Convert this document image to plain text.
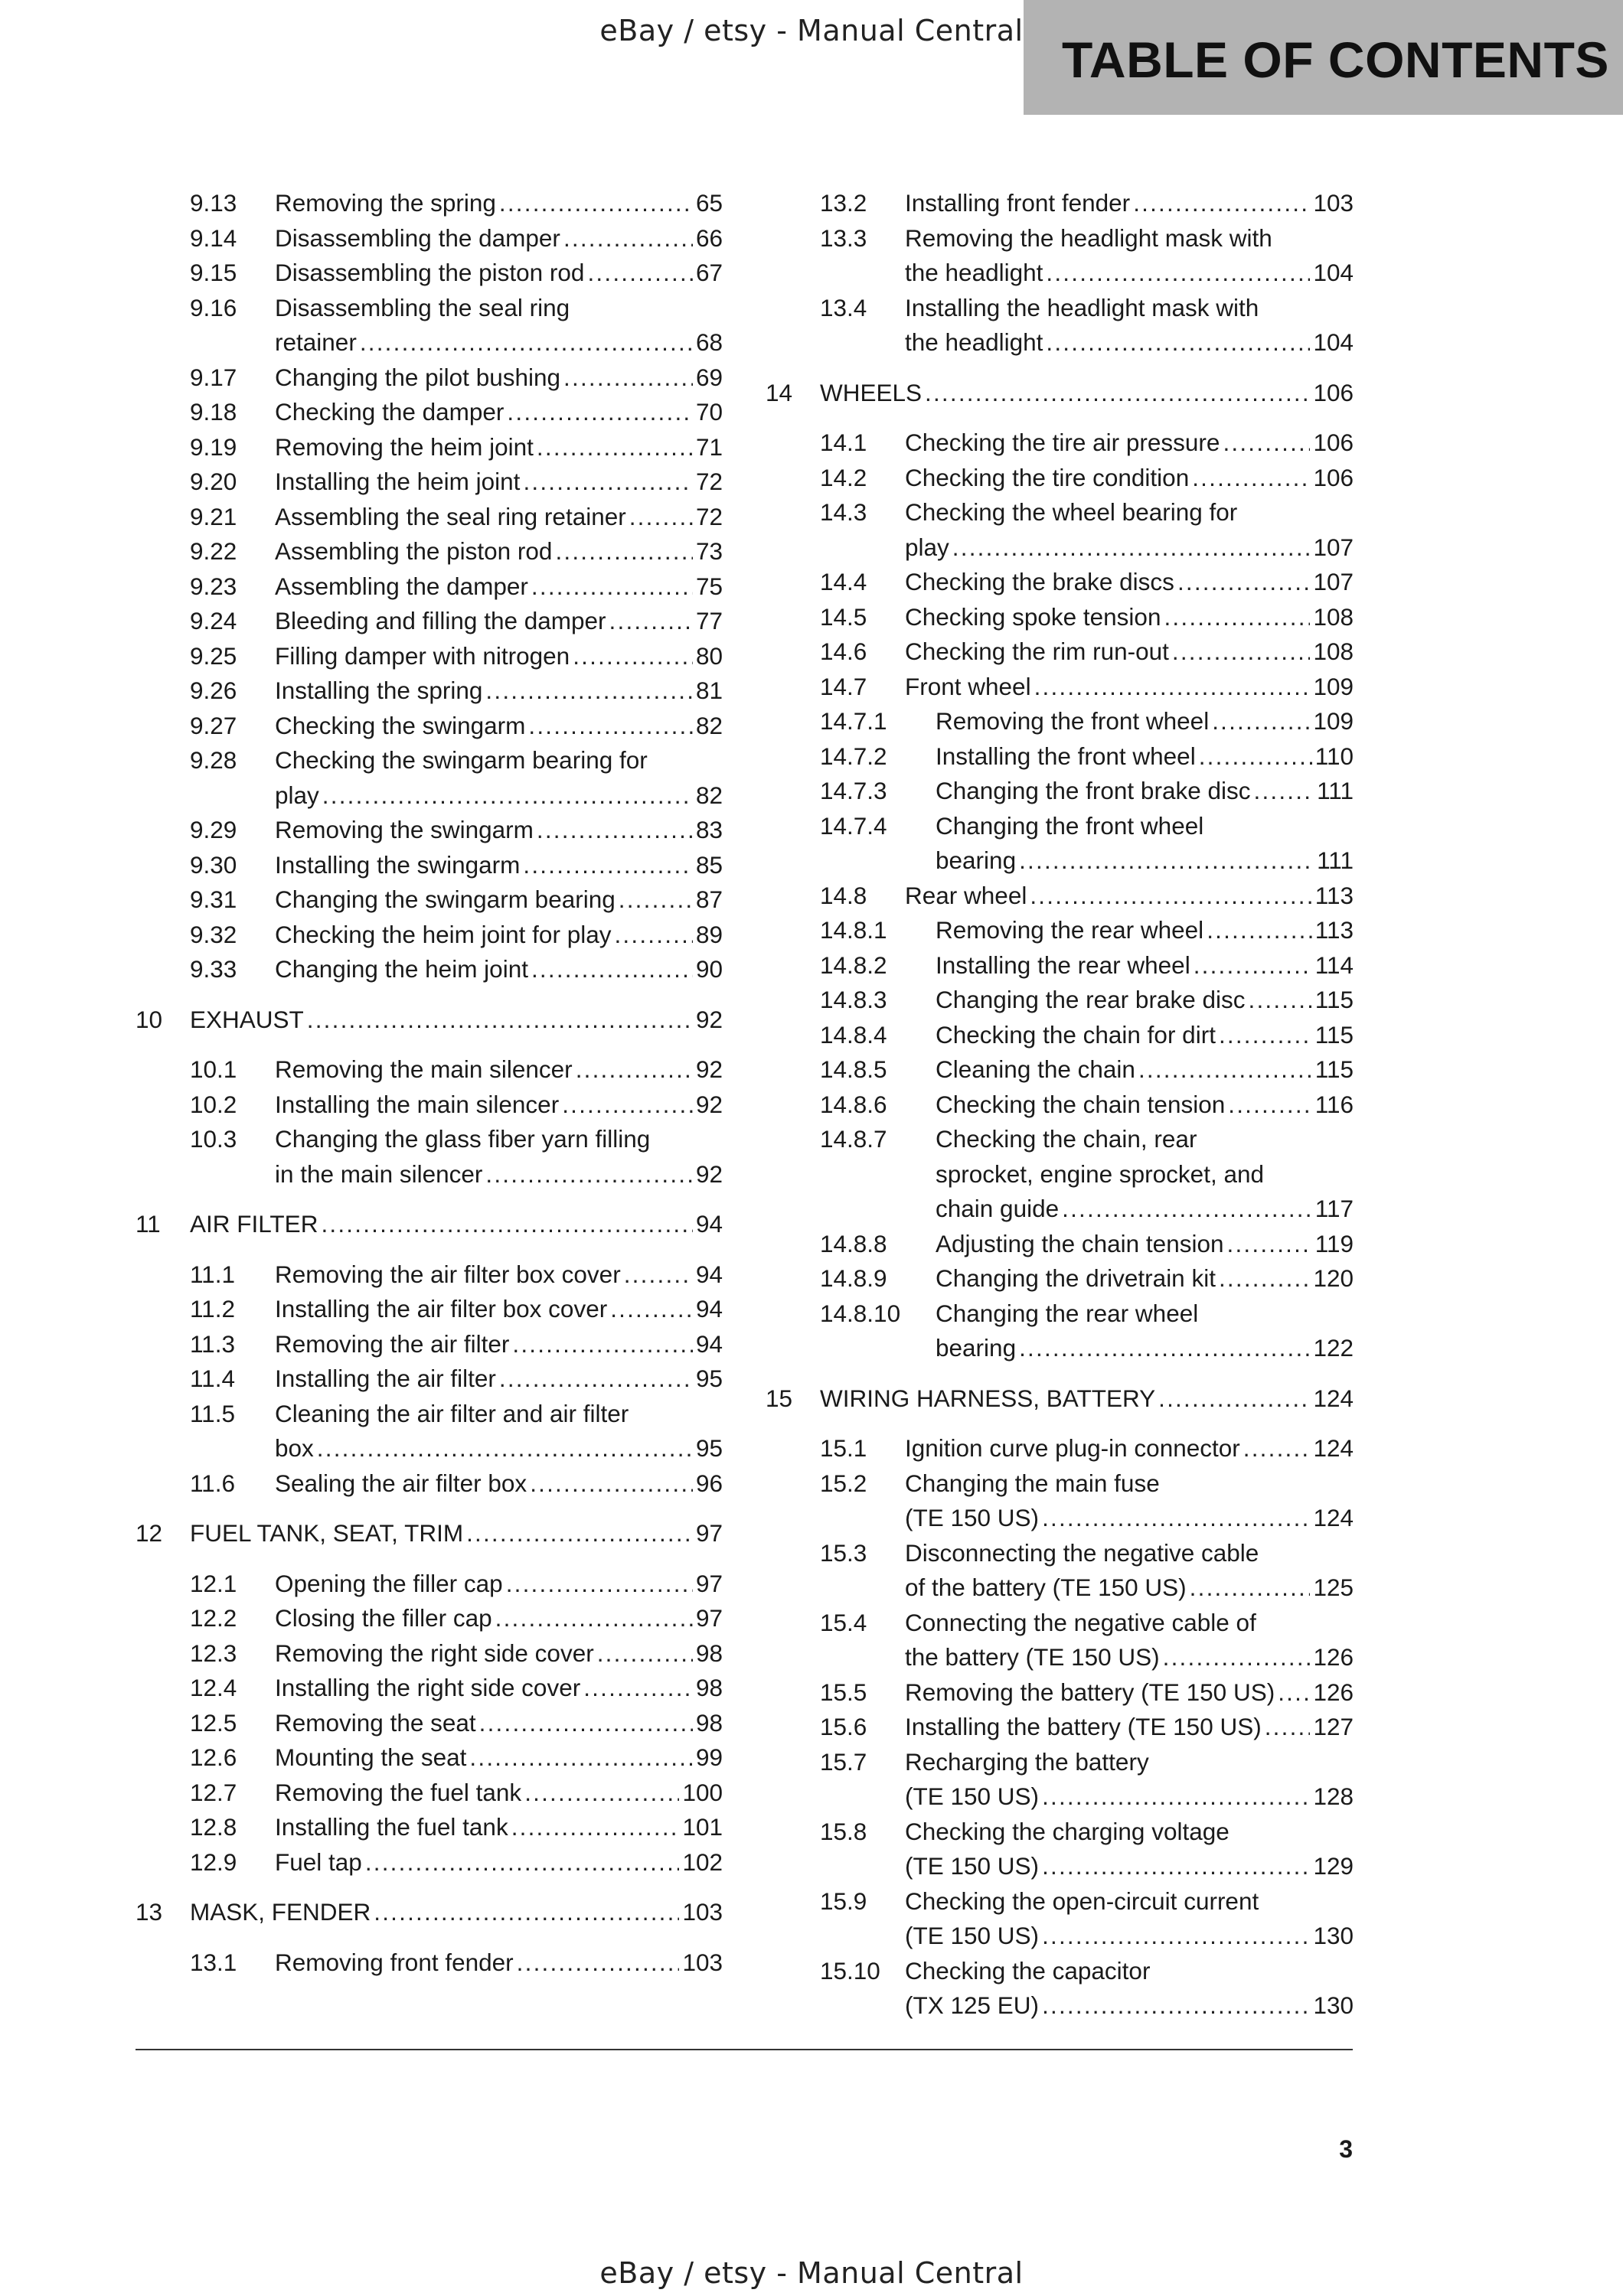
eBay / etsy - Manual Central
TABLE OF CONTENTS
9.13 Removing the spring .....	65
9.14 Disassembling the damper .....	66
9.15 Disassembling the piston rod .....	67
9.16 Disassembling the seal ring
retainer .....	68
9.17 Changing the pilot bushing .....	69
9.18 Checking the damper .....	70
9.19 Removing the heim joint .....	71
9.20 Installing the heim joint .....	72
9.21 Assembling the seal ring retainer .....	72
9.22 Assembling the piston rod .....	73
9.23 Assembling the damper .....	75
9.24 Bleeding and filling the damper .....	77
9.25 Filling damper with nitrogen .....	80
9.26 Installing the spring .....	81
9.27 Checking the swingarm .....	82
9.28 Checking the swingarm bearing for
play .....	82
9.29 Removing the swingarm .....	83
9.30 Installing the swingarm .....	85
9.31 Changing the swingarm bearing .....	87
9.32 Checking the heim joint for play .....	89
9.33 Changing the heim joint .....	90
10 EXHAUST .....	92
10.1 Removing the main silencer .....	92
10.2 Installing the main silencer .....	92
10.3 Changing the glass fiber yarn filling
in the main silencer .....	92
11 AIR FILTER .....	94
11.1 Removing the air filter box cover .....	94
11.2 Installing the air filter box cover .....	94
11.3 Removing the air filter .....	94
11.4 Installing the air filter .....	95
11.5 Cleaning the air filter and air filter
box .....	95
11.6 Sealing the air filter box .....	96
12 FUEL TANK, SEAT, TRIM .....	97
12.1 Opening the filler cap .....	97
12.2 Closing the filler cap .....	97
12.3 Removing the right side cover .....	98
12.4 Installing the right side cover .....	98
12.5 Removing the seat .....	98
12.6 Mounting the seat .....	99
12.7 Removing the fuel tank .....	100
12.8 Installing the fuel tank .....	101
12.9 Fuel tap .....	102
13 MASK, FENDER .....	103
13.1 Removing front fender .....	103
13.2 Installing front fender .....	103
13.3 Removing the headlight mask with
the headlight .....	104
13.4 Installing the headlight mask with
the headlight .....	104
14 WHEELS .....	106
14.1 Checking the tire air pressure .....	106
14.2 Checking the tire condition .....	106
14.3 Checking the wheel bearing for
play .....	107
14.4 Checking the brake discs .....	107
14.5 Checking spoke tension .....	108
14.6 Checking the rim run-out .....	108
14.7 Front wheel .....	109
14.7.1 Removing the front wheel .....	109
14.7.2 Installing the front wheel .....	110
14.7.3 Changing the front brake disc .....	111
14.7.4 Changing the front wheel
bearing .....	111
14.8 Rear wheel .....	113
14.8.1 Removing the rear wheel .....	113
14.8.2 Installing the rear wheel .....	114
14.8.3 Changing the rear brake disc .....	115
14.8.4 Checking the chain for dirt .....	115
14.8.5 Cleaning the chain .....	115
14.8.6 Checking the chain tension .....	116
14.8.7 Checking the chain, rear
sprocket, engine sprocket, and
chain guide .....	117
14.8.8 Adjusting the chain tension .....	119
14.8.9 Changing the drivetrain kit .....	120
14.8.10 Changing the rear wheel
bearing .....	122
15 WIRING HARNESS, BATTERY .....	124
15.1 Ignition curve plug-in connector .....	124
15.2 Changing the main fuse
(TE 150 US) .....	124
15.3 Disconnecting the negative cable
of the battery (TE 150 US) .....	125
15.4 Connecting the negative cable of
the battery (TE 150 US) .....	126
15.5 Removing the battery (TE 150 US) ..... 126
15.6 Installing the battery (TE 150 US) ..... 127
15.7 Recharging the battery
(TE 150 US) .....	128
15.8 Checking the charging voltage
(TE 150 US) .....	129
15.9 Checking the open-circuit current
(TE 150 US) .....	130
15.10 Checking the capacitor
(TX 125 EU) .....	130
3
eBay / etsy - Manual Central
